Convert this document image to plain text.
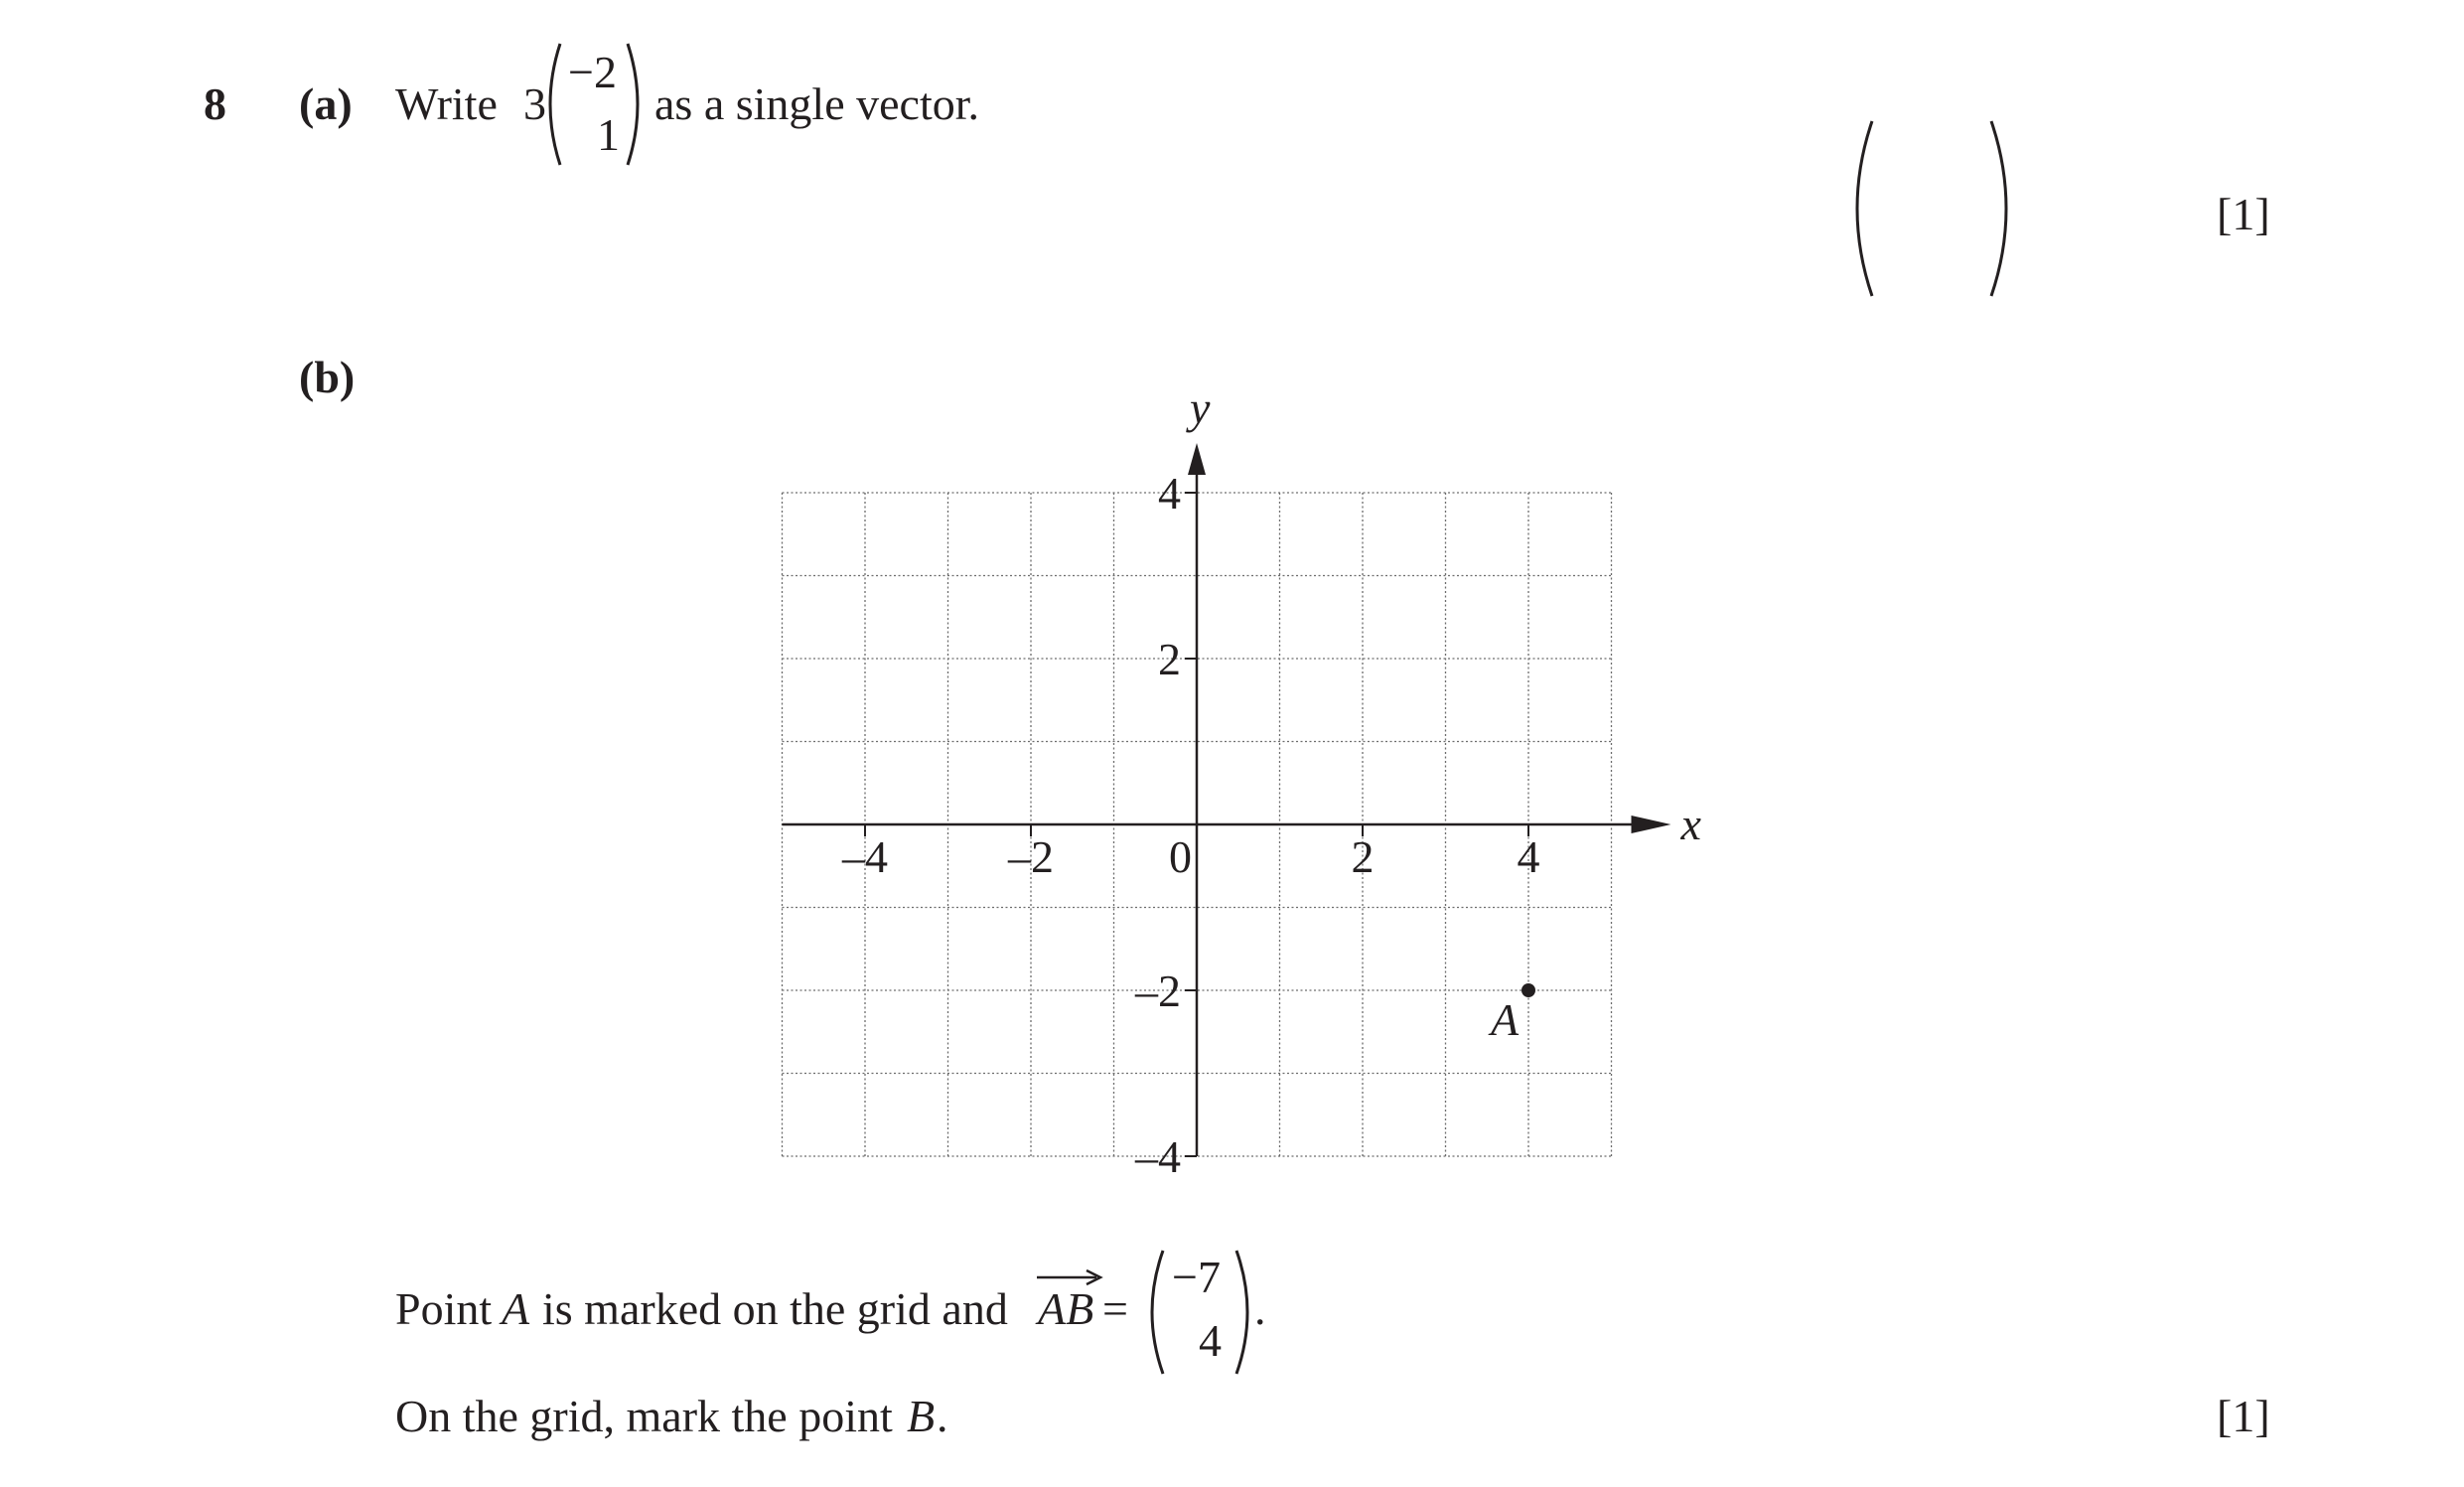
8 (a) Write 3
−2
1
as a single vector.
[1]
(b)
x
y
0
–4	–2	2	4
4
2
–2
–4
A
Point A is marked on the grid and AB =
−7
4
.
On the grid, mark the point B .	[1]
